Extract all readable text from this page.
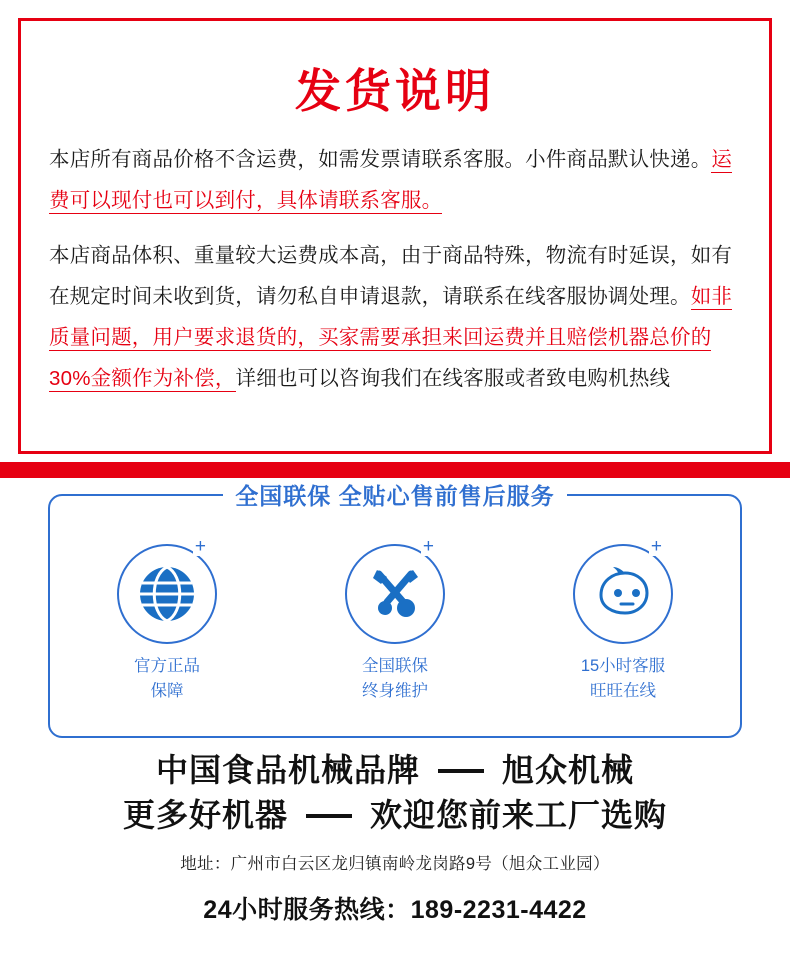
发货说明

本店所有商品价格不含运费，如需发票请联系客服。小件商品默认快递。运费可以现付也可以到付，具体请联系客服。

本店商品体积、重量较大运费成本高，由于商品特殊，物流有时延误，如有在规定时间未收到货，请勿私自申请退款，请联系在线客服协调处理。如非质量问题，用户要求退货的，买家需要承担来回运费并且赔偿机器总价的30%金额作为补偿，详细也可以咨询我们在线客服或者致电购机热线

全国联保 全贴心售前售后服务
+
官方正品
保障
+
全国联保
终身维护
+
15小时客服
旺旺在线
中国食品机械品牌	旭众机械
更多好机器	欢迎您前来工厂选购
地址：广州市白云区龙归镇南岭龙岗路9号（旭众工业园）
24小时服务热线：189-2231-4422
